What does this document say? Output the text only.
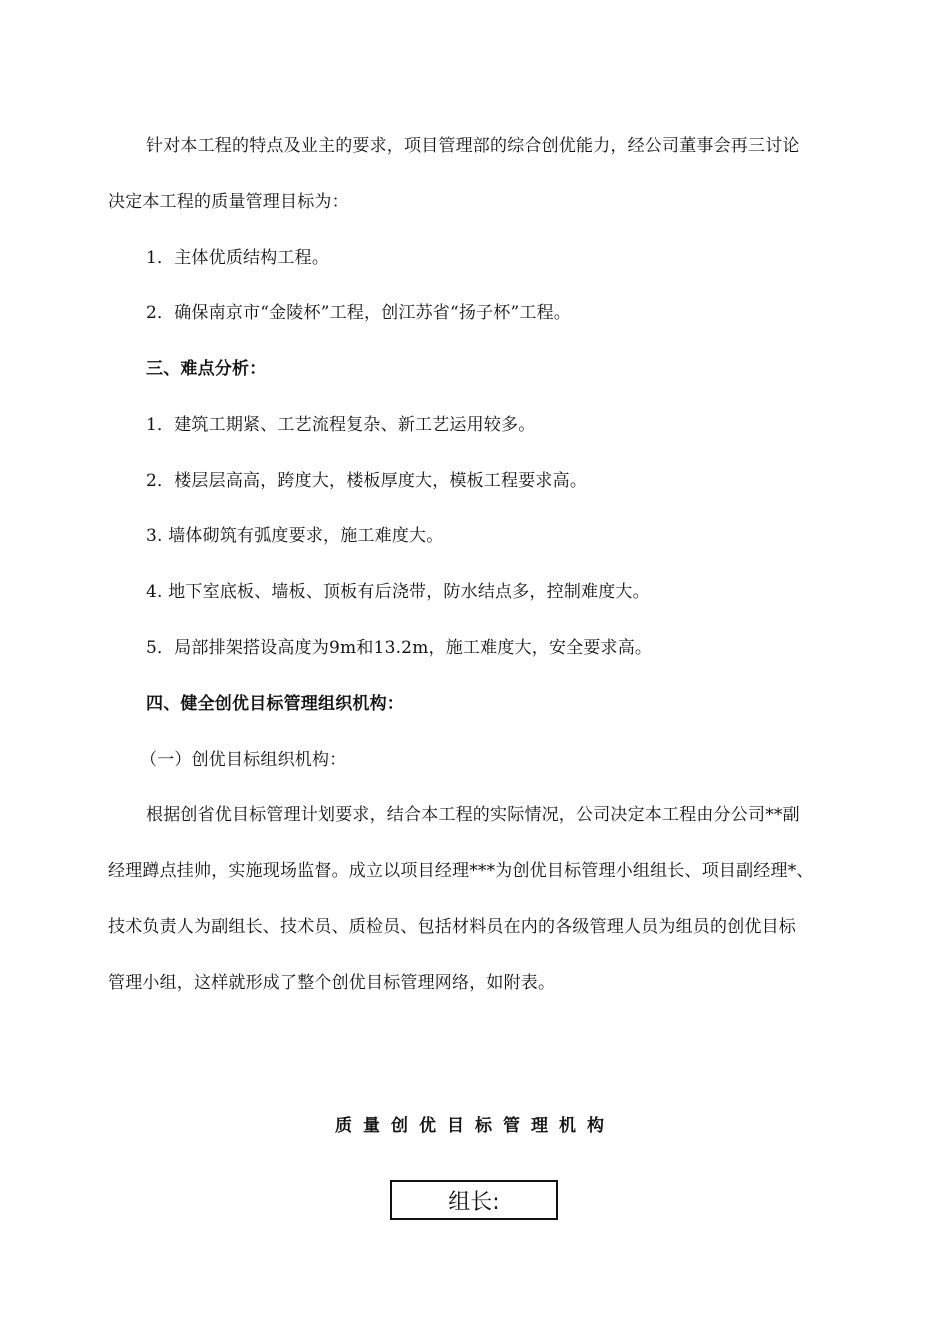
针对本工程的特点及业主的要求，项目管理部的综合创优能力，经公司董事会再三讨论
决定本工程的质量管理目标为：
1．主体优质结构工程。
2．确保南京市“金陵杯”工程，创江苏省“扬子杯”工程。
三、难点分析：
1．建筑工期紧、工艺流程复杂、新工艺运用较多。
2．楼层层高高，跨度大，楼板厚度大，模板工程要求高。
3. 墙体砌筑有弧度要求，施工难度大。
4. 地下室底板、墙板、顶板有后浇带，防水结点多，控制难度大。
5．局部排架搭设高度为9m和13.2m，施工难度大，安全要求高。
四、健全创优目标管理组织机构：
（一）创优目标组织机构：
根据创省优目标管理计划要求，结合本工程的实际情况，公司决定本工程由分公司**副
经理蹲点挂帅，实施现场监督。成立以项目经理***为创优目标管理小组组长、项目副经理*、
技术负责人为副组长、技术员、质检员、包括材料员在内的各级管理人员为组员的创优目标
管理小组，这样就形成了整个创优目标管理网络，如附表。
质量创优目标管理机构
组长:
